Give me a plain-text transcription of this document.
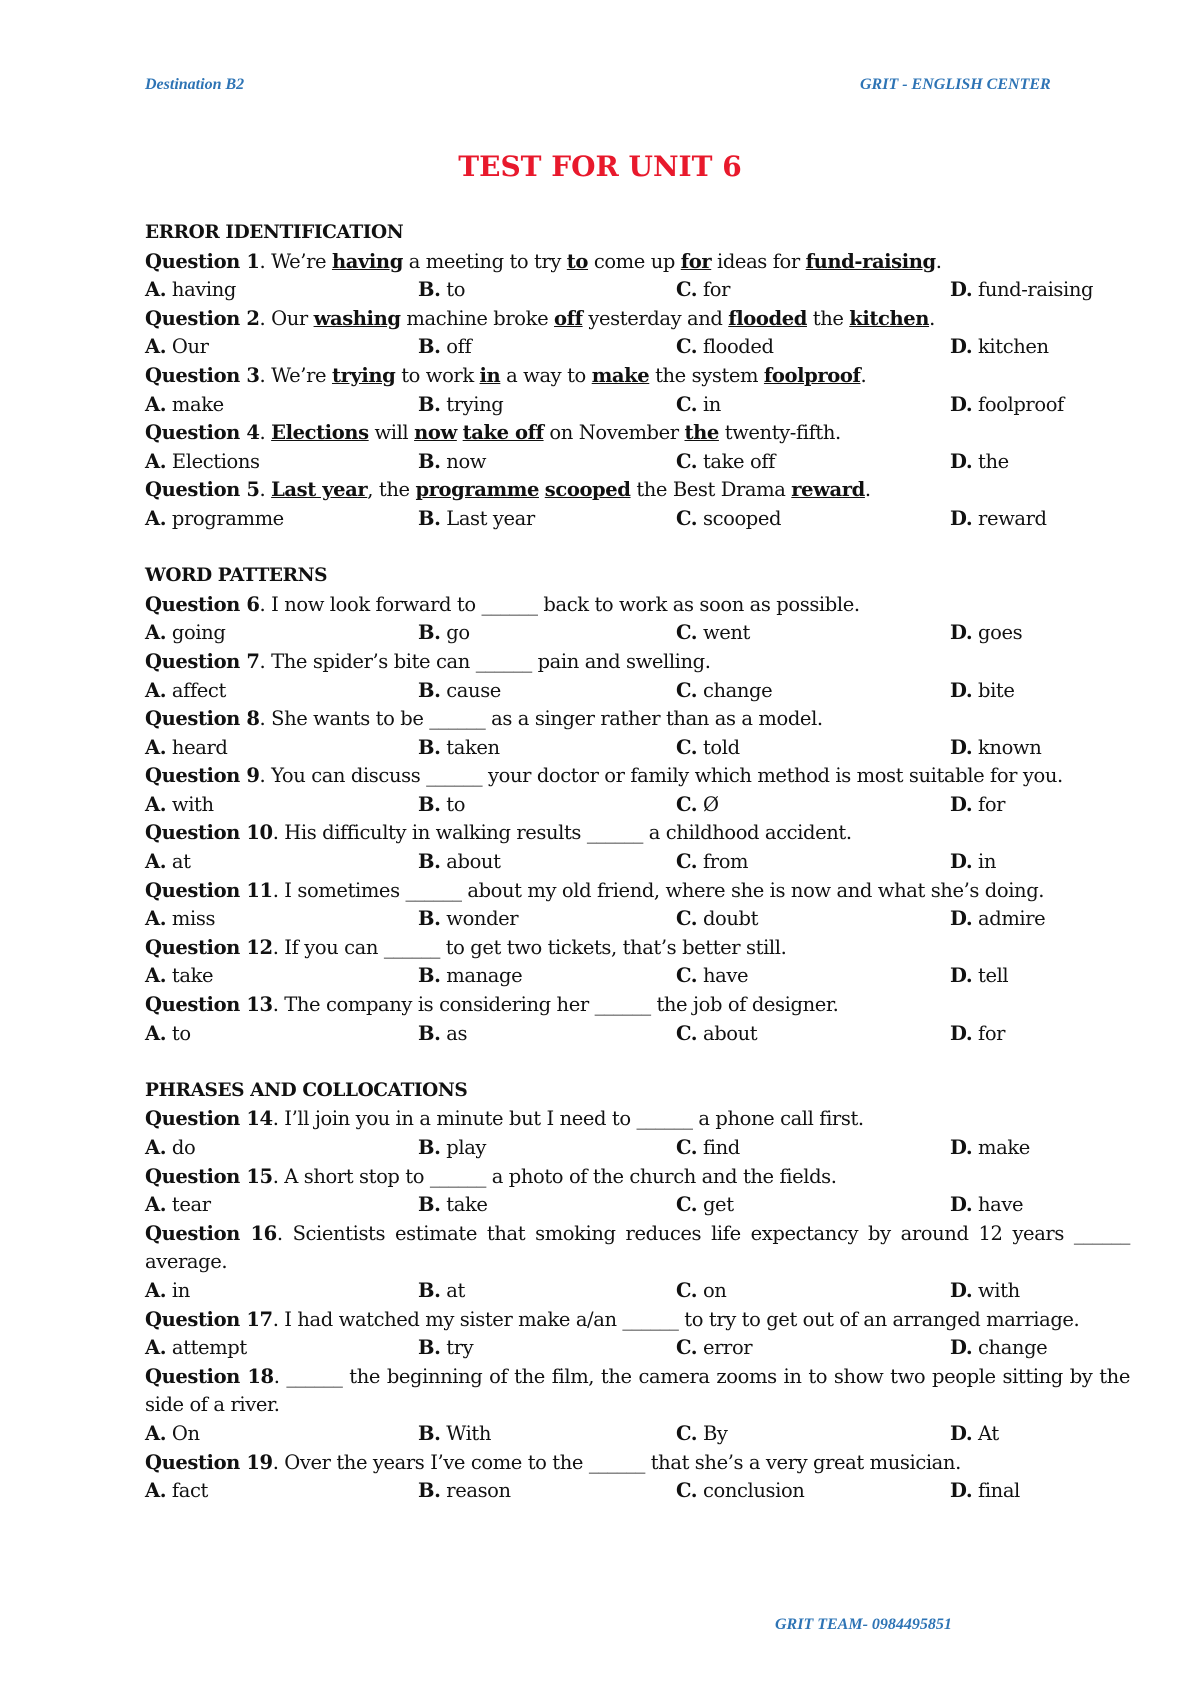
Destination B2	GRIT - ENGLISH CENTER
TEST FOR UNIT 6
ERROR IDENTIFICATION
Question 1. We’re having a meeting to try to come up for ideas for fund-raising.
A. having	B. to	C. for	D. fund-raising
Question 2. Our washing machine broke off yesterday and flooded the kitchen.
A. Our	B. off	C. flooded	D. kitchen
Question 3. We’re trying to work in a way to make the system foolproof.
A. make	B. trying	C. in	D. foolproof
Question 4. Elections will now take off on November the twenty-fifth.
A. Elections	B. now	C. take off	D. the
Question 5. Last year, the programme scooped the Best Drama reward.
A. programme	B. Last year	C. scooped	D. reward
WORD PATTERNS
Question 6. I now look forward to ______ back to work as soon as possible.
A. going	B. go	C. went	D. goes
Question 7. The spider’s bite can ______ pain and swelling.
A. affect	B. cause	C. change	D. bite
Question 8. She wants to be ______ as a singer rather than as a model.
A. heard	B. taken	C. told	D. known
Question 9. You can discuss ______ your doctor or family which method is most suitable for you.
A. with	B. to	C. Ø	D. for
Question 10. His difficulty in walking results ______ a childhood accident.
A. at	B. about	C. from	D. in
Question 11. I sometimes ______ about my old friend, where she is now and what she’s doing.
A. miss	B. wonder	C. doubt	D. admire
Question 12. If you can ______ to get two tickets, that’s better still.
A. take	B. manage	C. have	D. tell
Question 13. The company is considering her ______ the job of designer.
A. to	B. as	C. about	D. for
PHRASES AND COLLOCATIONS
Question 14. I’ll join you in a minute but I need to ______ a phone call first.
A. do	B. play	C. find	D. make
Question 15. A short stop to ______ a photo of the church and the fields.
A. tear	B. take	C. get	D. have
Question 16. Scientists estimate that smoking reduces life expectancy by around 12 years ______ average.
A. in	B. at	C. on	D. with
Question 17. I had watched my sister make a/an ______ to try to get out of an arranged marriage.
A. attempt	B. try	C. error	D. change
Question 18. ______ the beginning of the film, the camera zooms in to show two people sitting by the side of a river.
A. On	B. With	C. By	D. At
Question 19. Over the years I’ve come to the ______ that she’s a very great musician.
A. fact	B. reason	C. conclusion	D. final
GRIT TEAM- 0984495851
